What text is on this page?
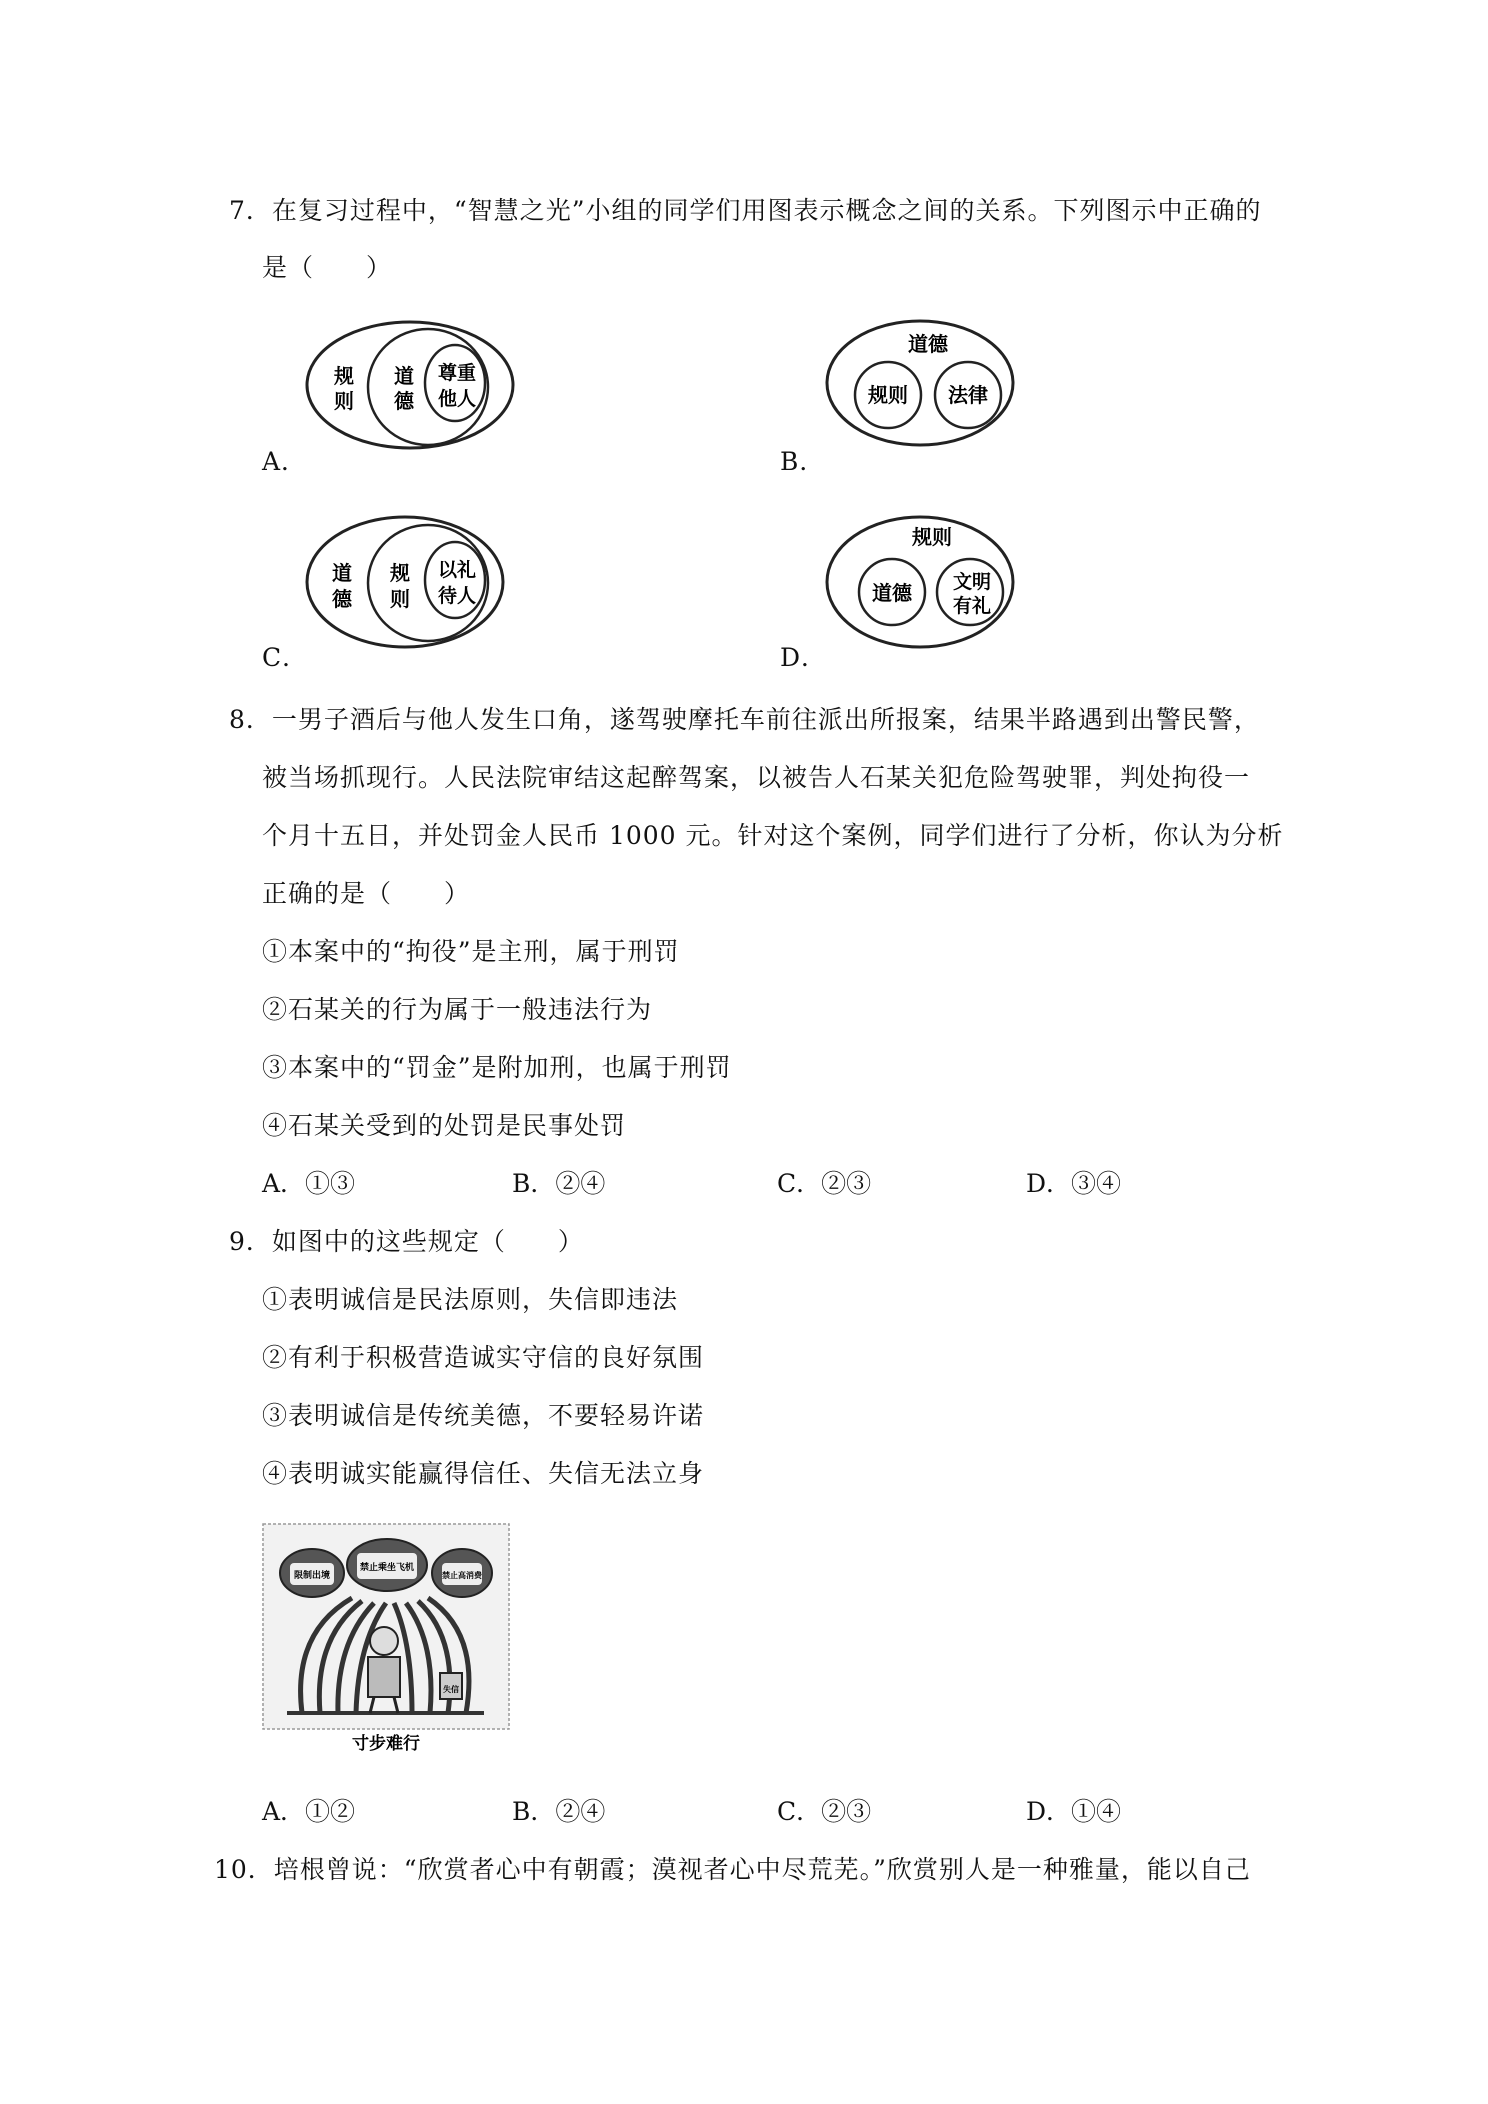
7．在复习过程中，“智慧之光”小组的同学们用图表示概念之间的关系。下列图示中正确的
是（　　）
规
则
道
德
尊重
他人
A．
道德
规则 法律
B．
道
德
规
则
以礼
待人
C．
规则
道德 文明
有礼
D．
8．一男子酒后与他人发生口角，遂驾驶摩托车前往派出所报案，结果半路遇到出警民警，
被当场抓现行。人民法院审结这起醉驾案，以被告人石某关犯危险驾驶罪，判处拘役一
个月十五日，并处罚金人民币 1000 元。针对这个案例，同学们进行了分析，你认为分析
正确的是（　　）
①本案中的“拘役”是主刑，属于刑罚
②石某关的行为属于一般违法行为
③本案中的“罚金”是附加刑，也属于刑罚
④石某关受到的处罚是民事处罚
A．①③	B．②④	C．②③	D．③④
9．如图中的这些规定（　　）
①表明诚信是民法原则，失信即违法
②有利于积极营造诚实守信的良好氛围
③表明诚信是传统美德，不要轻易许诺
④表明诚实能赢得信任、失信无法立身
失信
限制出境
禁止乘坐飞机
禁止高消费
寸步难行
A．①②	B．②④	C．②③	D．①④
10．培根曾说：“欣赏者心中有朝霞；漠视者心中尽荒芜。”欣赏别人是一种雅量，能以自己
